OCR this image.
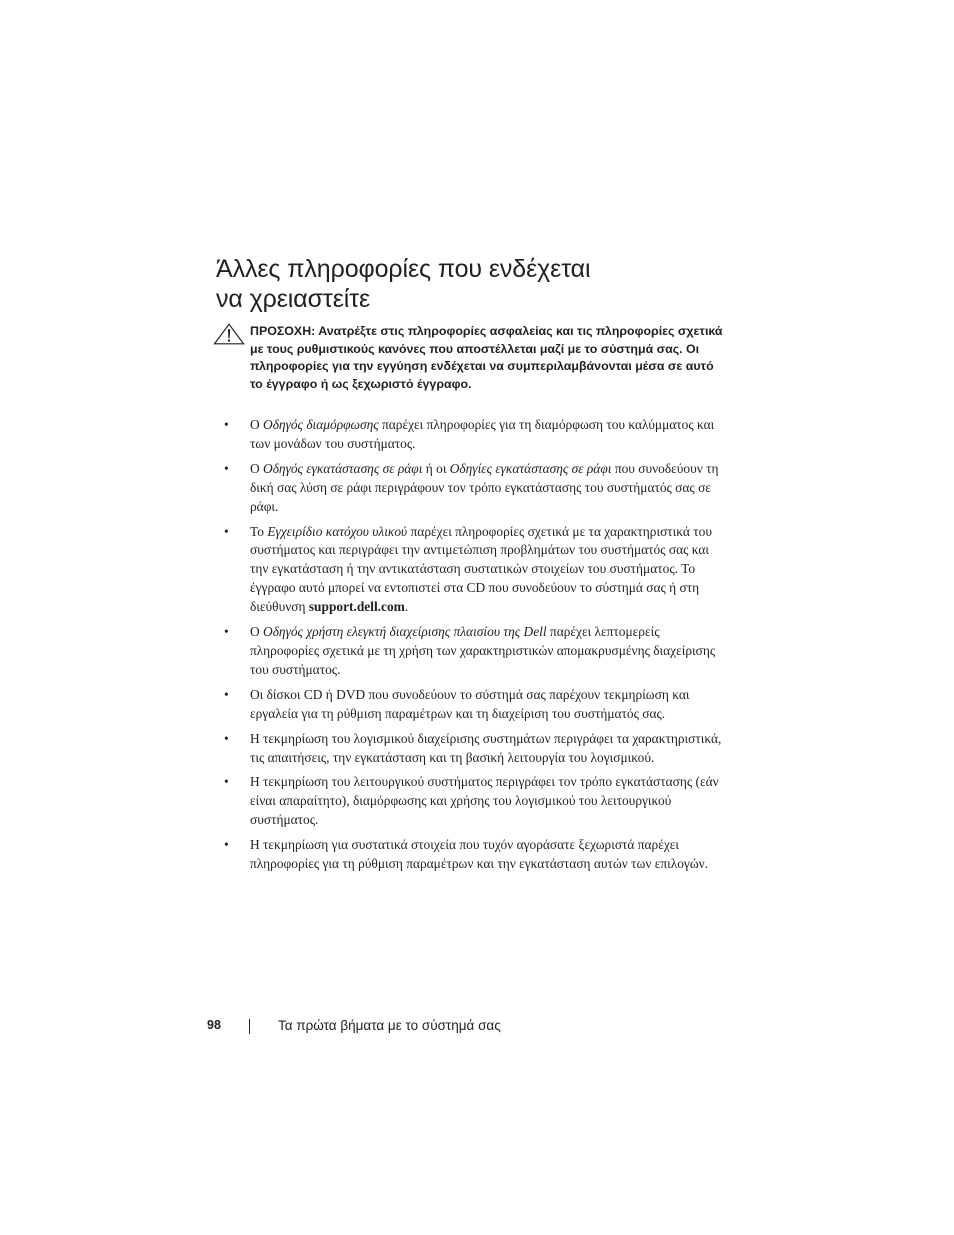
Άλλες πληροφορίες που ενδέχεται
να χρειαστείτε

ΠΡΟΣΟΧΗ: Ανατρέξτε στις πληροφορίες ασφαλείας και τις πληροφορίες σχετικά με τους ρυθμιστικούς κανόνες που αποστέλλεται μαζί με το σύστημά σας. Οι πληροφορίες για την εγγύηση ενδέχεται να συμπεριλαμβάνονται μέσα σε αυτό το έγγραφο ή ως ξεχωριστό έγγραφο.

• Ο Οδηγός διαμόρφωσης παρέχει πληροφορίες για τη διαμόρφωση του καλύμματος και των μονάδων του συστήματος.
• Ο Οδηγός εγκατάστασης σε ράφι ή οι Οδηγίες εγκατάστασης σε ράφι που συνοδεύουν τη δική σας λύση σε ράφι περιγράφουν τον τρόπο εγκατάστασης του συστήματός σας σε ράφι.
• Το Εγχειρίδιο κατόχου υλικού παρέχει πληροφορίες σχετικά με τα χαρακτηριστικά του συστήματος και περιγράφει την αντιμετώπιση προβλημάτων του συστήματός σας και την εγκατάσταση ή την αντικατάσταση συστατικών στοιχείων του συστήματος. Το έγγραφο αυτό μπορεί να εντοπιστεί στα CD που συνοδεύουν το σύστημά σας ή στη διεύθυνση support.dell.com.
• Ο Οδηγός χρήστη ελεγκτή διαχείρισης πλαισίου της Dell παρέχει λεπτομερείς πληροφορίες σχετικά με τη χρήση των χαρακτηριστικών απομακρυσμένης διαχείρισης του συστήματος.
• Οι δίσκοι CD ή DVD που συνοδεύουν το σύστημά σας παρέχουν τεκμηρίωση και εργαλεία για τη ρύθμιση παραμέτρων και τη διαχείριση του συστήματός σας.
• Η τεκμηρίωση του λογισμικού διαχείρισης συστημάτων περιγράφει τα χαρακτηριστικά, τις απαιτήσεις, την εγκατάσταση και τη βασική λειτουργία του λογισμικού.
• Η τεκμηρίωση του λειτουργικού συστήματος περιγράφει τον τρόπο εγκατάστασης (εάν είναι απαραίτητο), διαμόρφωσης και χρήσης του λογισμικού του λειτουργικού συστήματος.
• Η τεκμηρίωση για συστατικά στοιχεία που τυχόν αγοράσατε ξεχωριστά παρέχει πληροφορίες για τη ρύθμιση παραμέτρων και την εγκατάσταση αυτών των επιλογών.
98	Τα πρώτα βήματα με το σύστημά σας
